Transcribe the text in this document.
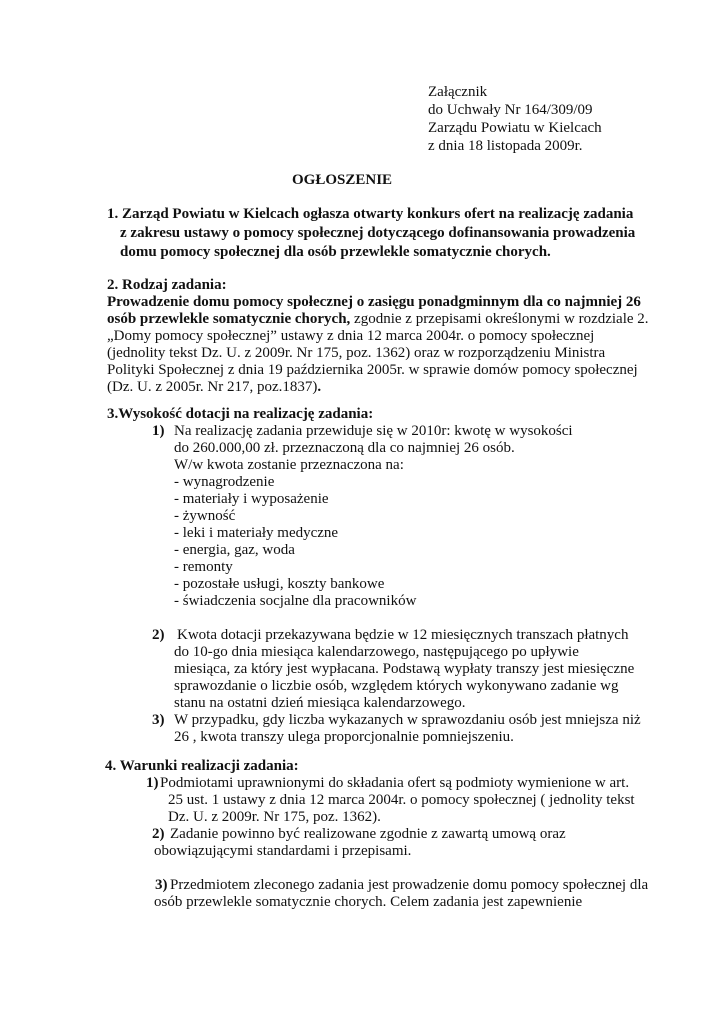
Załącznik

do Uchwały Nr 164/309/09

Zarządu Powiatu w Kielcach

z dnia 18 listopada 2009r.

OGŁOSZENIE

1. Zarząd Powiatu w Kielcach ogłasza otwarty konkurs ofert na realizację zadania

z zakresu ustawy o pomocy społecznej dotyczącego dofinansowania prowadzenia

domu pomocy społecznej dla osób przewlekle somatycznie chorych.

2. Rodzaj zadania:

Prowadzenie domu pomocy społecznej o zasięgu ponadgminnym dla co najmniej 26

osób przewlekle somatycznie chorych, zgodnie z przepisami określonymi w rozdziale 2.

„Domy pomocy społecznej” ustawy z dnia 12 marca 2004r. o pomocy społecznej

(jednolity tekst Dz. U. z 2009r. Nr 175, poz. 1362) oraz w rozporządzeniu Ministra

Polityki Społecznej z dnia 19 października 2005r. w sprawie domów pomocy społecznej

(Dz. U. z 2005r. Nr 217, poz.1837).

3.Wysokość dotacji na realizację zadania:

1) Na realizację zadania przewiduje się w 2010r: kwotę w wysokości

do 260.000,00 zł. przeznaczoną dla co najmniej 26 osób.

W/w kwota zostanie przeznaczona na:

- wynagrodzenie

- materiały i wyposażenie

- żywność

- leki i materiały medyczne

- energia, gaz, woda

- remonty

- pozostałe usługi, koszty bankowe

- świadczenia socjalne dla pracowników

2) Kwota dotacji przekazywana będzie w 12 miesięcznych transzach płatnych

do 10-go dnia miesiąca kalendarzowego, następującego po upływie

miesiąca, za który jest wypłacana. Podstawą wypłaty transzy jest miesięczne

sprawozdanie o liczbie osób, względem których wykonywano zadanie wg

stanu na ostatni dzień miesiąca kalendarzowego.

3) W przypadku, gdy liczba wykazanych w sprawozdaniu osób jest mniejsza niż

26 , kwota transzy ulega proporcjonalnie pomniejszeniu.

4. Warunki realizacji zadania:

1) Podmiotami uprawnionymi do składania ofert są podmioty wymienione w art.

25 ust. 1 ustawy z dnia 12 marca 2004r. o pomocy społecznej ( jednolity tekst

Dz. U. z 2009r. Nr 175, poz. 1362).

2) Zadanie powinno być realizowane zgodnie z zawartą umową oraz

obowiązującymi standardami i przepisami.

3) Przedmiotem zleconego zadania jest prowadzenie domu pomocy społecznej dla

osób przewlekle somatycznie chorych. Celem zadania jest zapewnienie
